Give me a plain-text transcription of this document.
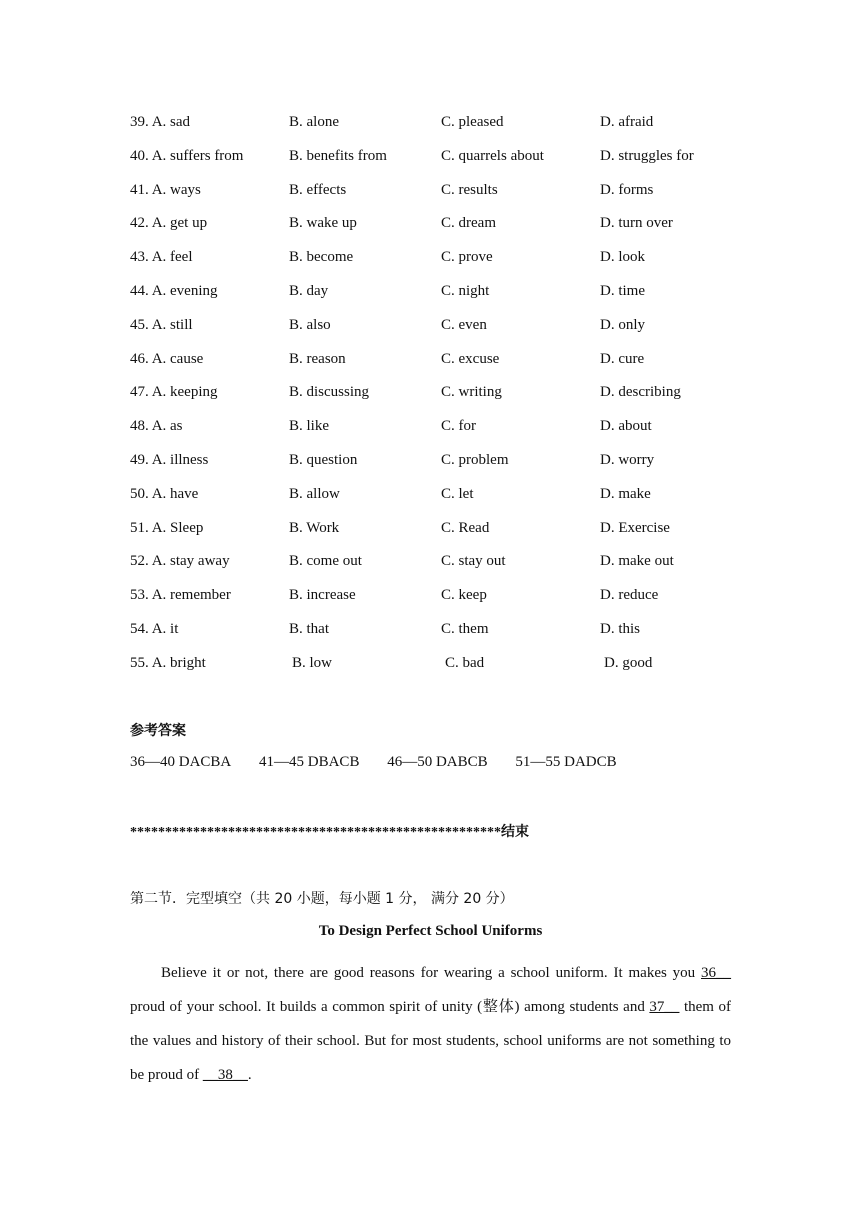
39. A. sad	B. alone	C. pleased	D. afraid
40. A. suffers from	B. benefits from	C. quarrels about	D. struggles for
41. A. ways	B. effects	C. results	D. forms
42. A. get up	B. wake up	C. dream	D. turn over
43. A. feel	B. become	C. prove	D. look
44. A. evening	B. day	C. night	D. time
45. A. still	B. also	C. even	D. only
46. A. cause	B. reason	C. excuse	D. cure
47. A. keeping	B. discussing	C. writing	D. describing
48. A. as	B. like	C. for	D. about
49. A. illness	B. question	C. problem	D. worry
50. A. have	B. allow	C. let	D. make
51. A. Sleep	B. Work	C. Read	D. Exercise
52. A. stay away	B. come out	C. stay out	D. make out
53. A. remember	B. increase	C. keep	D. reduce
54. A. it	B. that	C. them	D. this
55. A. bright	B. low	C. bad	D. good
参考答案
36—40 DACBA 41—45 DBACB 46—50 DABCB 51—55 DADCB
*****************************************************结束
第二节．完型填空（共 20 小题，每小题 1 分， 满分 20 分）
To Design Perfect School Uniforms
Believe it or not, there are good reasons for wearing a school uniform. It makes you 36__ proud of your school. It builds a common spirit of unity (整体) among students and 37__ them of the values and history of their school. But for most students, school uniforms are not something to be proud of __38__.
